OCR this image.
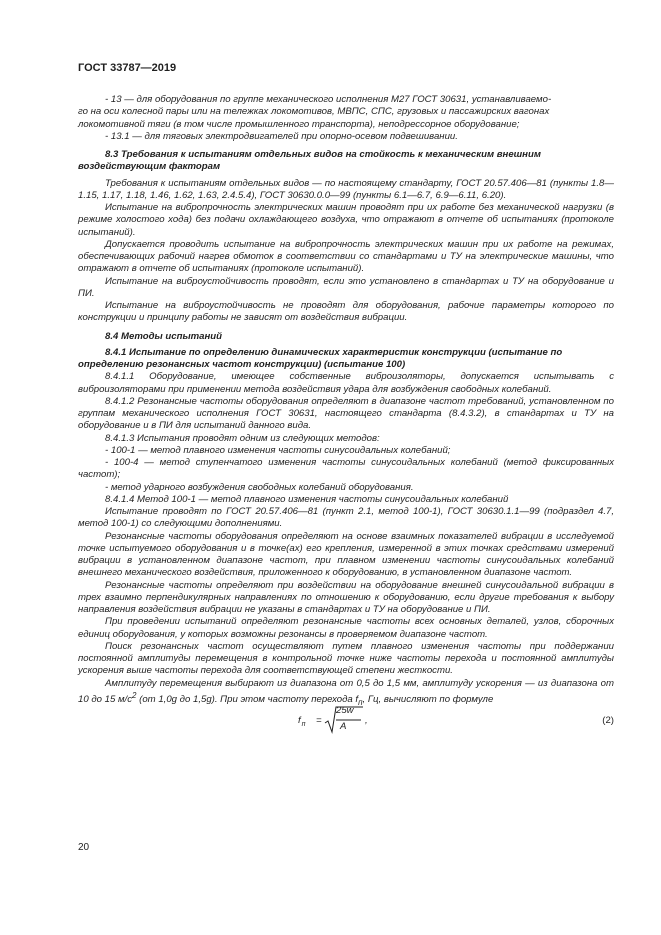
ГОСТ 33787—2019

- 13 — для оборудования по группе механического исполнения М27 ГОСТ 30631, устанавливаемо-

го на оси колесной пары или на тележках локомотивов, МВПС, СПС, грузовых и пассажирских вагонах

локомотивной тяги (в том числе промышленного транспорта), неподрессорное оборудование;

- 13.1 — для тяговых электродвигателей при опорно-осевом подвешивании.

8.3 Требования к испытаниям отдельных видов на стойкость к механическим внешним воздействующим факторам

Требования к испытаниям отдельных видов — по настоящему стандарту, ГОСТ 20.57.406—81 (пункты 1.8—1.15, 1.17, 1.18, 1.46, 1.62, 1.63, 2.4.5.4), ГОСТ 30630.0.0—99 (пункты 6.1—6.7, 6.9—6.11, 6.20).

Испытание на вибропрочность электрических машин проводят при их работе без механической нагрузки (в режиме холостого хода) без подачи охлаждающего воздуха, что отражают в отчете об испытаниях (протоколе испытаний).

Допускается проводить испытание на вибропрочность электрических машин при их работе на режимах, обеспечивающих рабочий нагрев обмоток в соответствии со стандартами и ТУ на электрические машины, что отражают в отчете об испытаниях (протоколе испытаний).

Испытание на виброустойчивость проводят, если это установлено в стандартах и ТУ на оборудование и ПИ.

Испытание на виброустойчивость не проводят для оборудования, рабочие параметры которого по конструкции и принципу работы не зависят от воздействия вибрации.

8.4 Методы испытаний

8.4.1 Испытание по определению динамических характеристик конструкции (испытание по определению резонансных частот конструкции) (испытание 100)

8.4.1.1 Оборудование, имеющее собственные виброизоляторы, допускается испытывать с виброизоляторами при применении метода воздействия удара для возбуждения свободных колебаний.

8.4.1.2 Резонансные частоты оборудования определяют в диапазоне частот требований, установленном по группам механического исполнения ГОСТ 30631, настоящего стандарта (8.4.3.2), в стандартах и ТУ на оборудование и в ПИ для испытаний данного вида.

8.4.1.3 Испытания проводят одним из следующих методов:

- 100-1 — метод плавного изменения частоты синусоидальных колебаний;

- 100-4 — метод ступенчатого изменения частоты синусоидальных колебаний (метод фиксированных частот);

- метод ударного возбуждения свободных колебаний оборудования.

8.4.1.4 Метод 100-1 — метод плавного изменения частоты синусоидальных колебаний

Испытание проводят по ГОСТ 20.57.406—81 (пункт 2.1, метод 100-1), ГОСТ 30630.1.1—99 (подраздел 4.7, метод 100-1) со следующими дополнениями.

Резонансные частоты оборудования определяют на основе взаимных показателей вибрации в исследуемой точке испытуемого оборудования и в точке(ах) его крепления, измеренной в этих точках средствами измерений вибрации в установленном диапазоне частот, при плавном изменении частоты синусоидальных колебаний внешнего механического воздействия, приложенного к оборудованию, в установленном диапазоне частот.

Резонансные частоты определяют при воздействии на оборудование внешней синусоидальной вибрации в трех взаимно перпендикулярных направлениях по отношению к оборудованию, если другие требования к выбору направления воздействия вибрации не указаны в стандартах и ТУ на оборудование и ПИ.

При проведении испытаний определяют резонансные частоты всех основных деталей, узлов, сборочных единиц оборудования, у которых возможны резонансы в проверяемом диапазоне частот.

Поиск резонансных частот осуществляют путем плавного изменения частоты при поддержании постоянной амплитуды перемещения в контрольной точке ниже частоты перехода и постоянной амплитуды ускорения выше частоты перехода для соответствующей степени жесткости.

Амплитуду перемещения выбирают из диапазона от 0,5 до 1,5 мм, амплитуду ускорения — из диапазона от 10 до 15 $м/с^2$ (от 1,0g до 1,5g). При этом частоту перехода $f_п$, Гц, вычисляют по формуле

$f_п$ =
25w
A
,	(2)
20
